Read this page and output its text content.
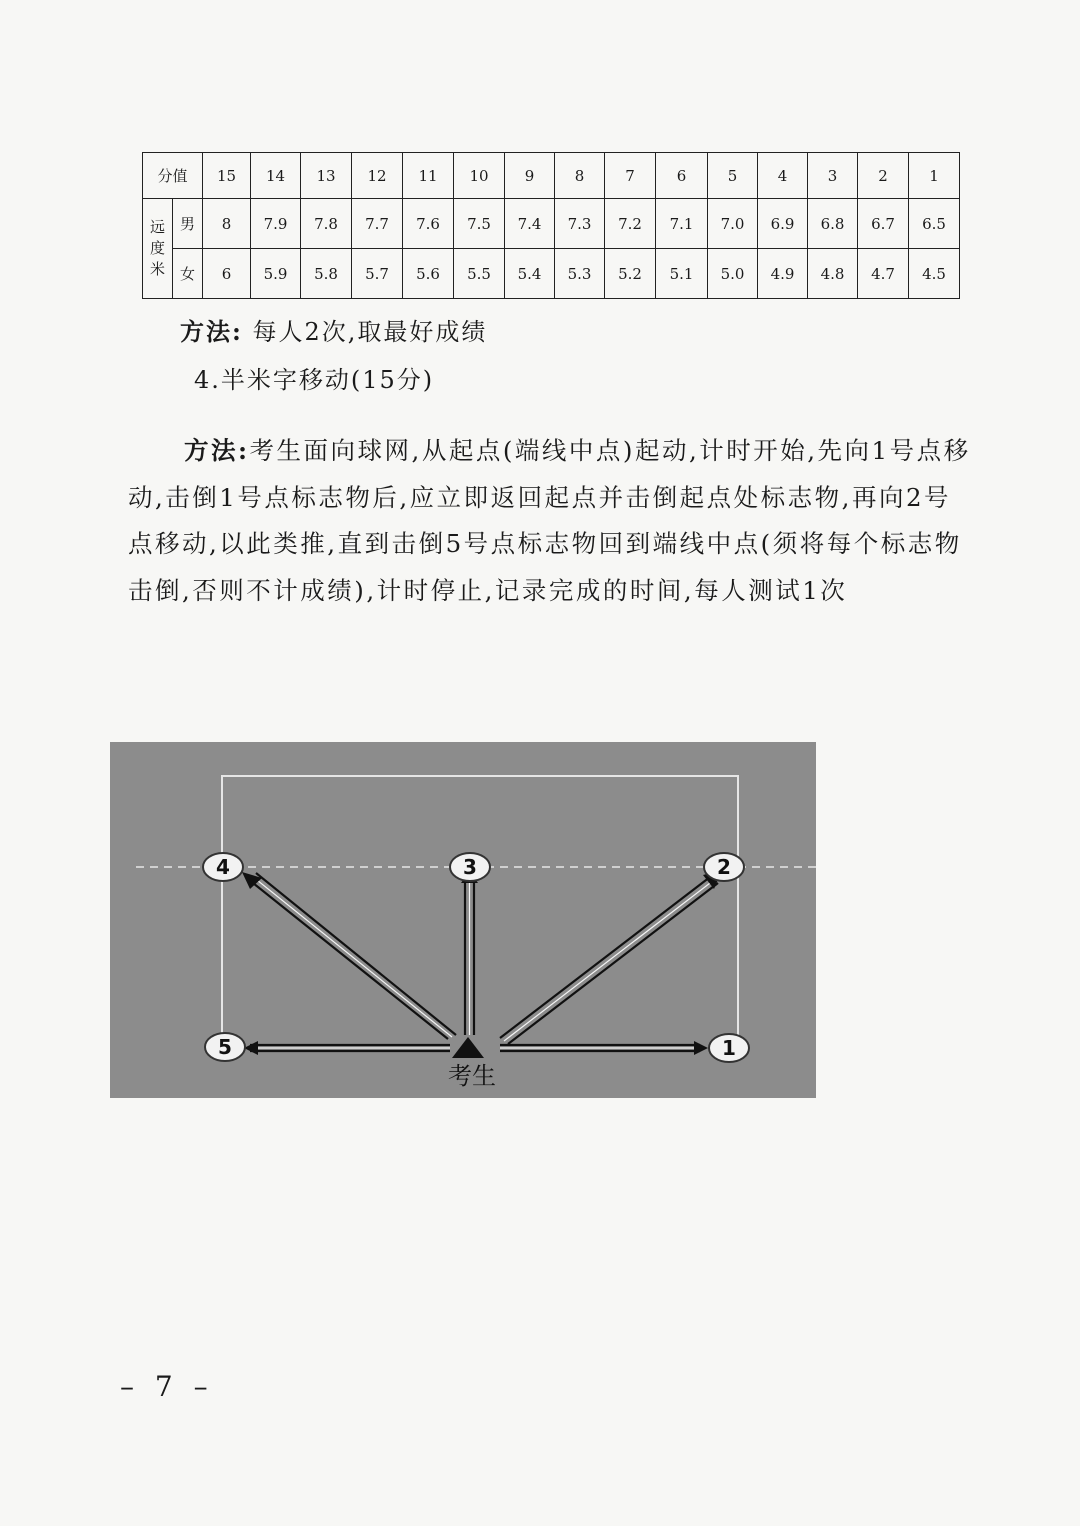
分值		15	14	13	12	11	10	9	8	7	6	5	4	3	2	1
远度米	男	8	7.9	7.8	7.7	7.6	7.5	7.4	7.3	7.2	7.1	7.0	6.9	6.8	6.7	6.5
	女	6	5.9	5.8	5.7	5.6	5.5	5.4	5.3	5.2	5.1	5.0	4.9	4.8	4.7	4.5
方法: 每人2次,取最好成绩
4.半米字移动(15分)
方法:考生面向球网,从起点(端线中点)起动,计时开始,先向1号点移动,击倒1号点标志物后,应立即返回起点并击倒起点处标志物,再向2号点移动,以此类推,直到击倒5号点标志物回到端线中点(须将每个标志物击倒,否则不计成绩),计时停止,记录完成的时间,每人测试1次
考生
4	3	2
5	1
– 7 –
